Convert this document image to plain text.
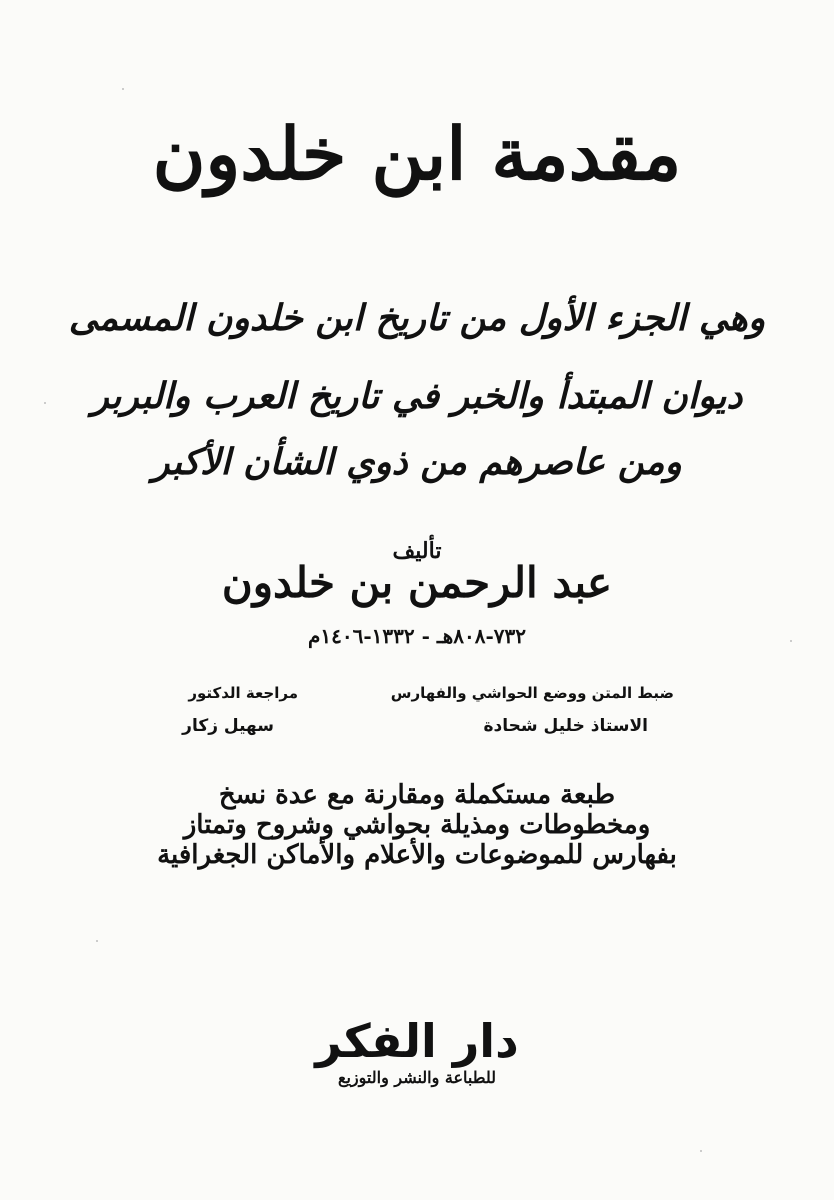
مقدمة ابن خلدون
وهي الجزء الأول من تاريخ ابن خلدون المسمى
ديوان المبتدأ والخبر في تاريخ العرب والبربر
ومن عاصرهم من ذوي الشأن الأكبر
تأليف
عبد الرحمن بن خلدون
٧٣٢-٨٠٨هـ - ١٣٣٢-١٤٠٦م
ضبط المتن ووضع الحواشي والفهارس
الاستاذ خليل شحادة
مراجعة الدكتور
سهيل زكار
طبعة مستكملة ومقارنة مع عدة نسخ
ومخطوطات ومذيلة بحواشي وشروح وتمتاز
بفهارس للموضوعات والأعلام والأماكن الجغرافية
دار الفكر
للطباعة والنشر والتوزيع
